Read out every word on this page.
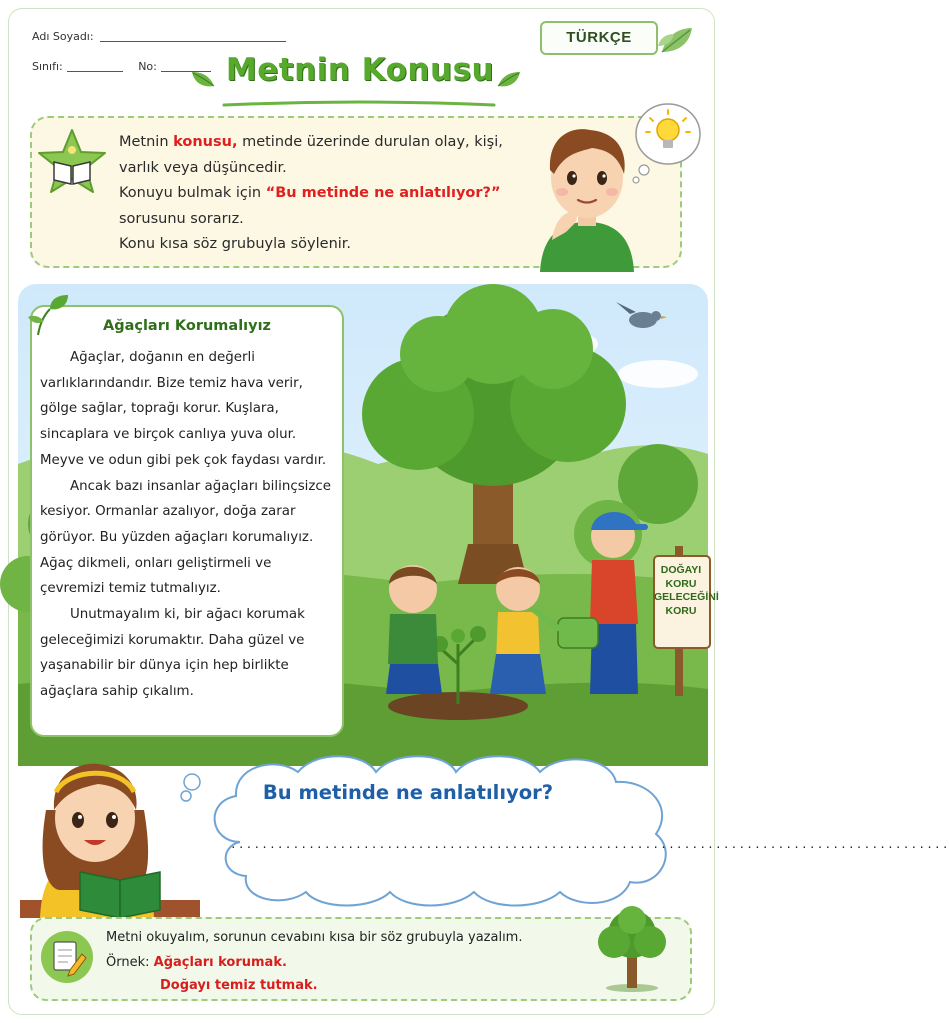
Adı Soyadı:
Sınıfı:	No:
TÜRKÇE
Metnin Konusu
Metnin konusu, metinde üzerinde durulan olay, kişi,
varlık veya düşüncedir.
Konuyu bulmak için “Bu metinde ne anlatılıyor?”
sorusunu sorarız.
Konu kısa söz grubuyla söylenir.
Ağaçları Korumalıyız

Ağaçlar, doğanın en değerli varlıklarındandır. Bize temiz hava verir, gölge sağlar, toprağı korur. Kuşlara, sincaplara ve birçok canlıya yuva olur. Meyve ve odun gibi pek çok faydası vardır.

Ancak bazı insanlar ağaçları bilinçsizce kesiyor. Ormanlar azalıyor, doğa zarar görüyor. Bu yüzden ağaçları korumalıyız. Ağaç dikmeli, onları geliştirmeli ve çevremizi temiz tutmalıyız.

Unutmayalım ki, bir ağacı korumak geleceğimizi korumaktır. Daha güzel ve yaşanabilir bir dünya için hep birlikte ağaçlara sahip çıkalım.

DOĞAYI
KORU
GELECEĞİNİ
KORU
Bu metinde ne anlatılıyor?
............................................................................................
Metni okuyalım, sorunun cevabını kısa bir söz grubuyla yazalım.
Örnek: Ağaçları korumak.
Doğayı temiz tutmak.
